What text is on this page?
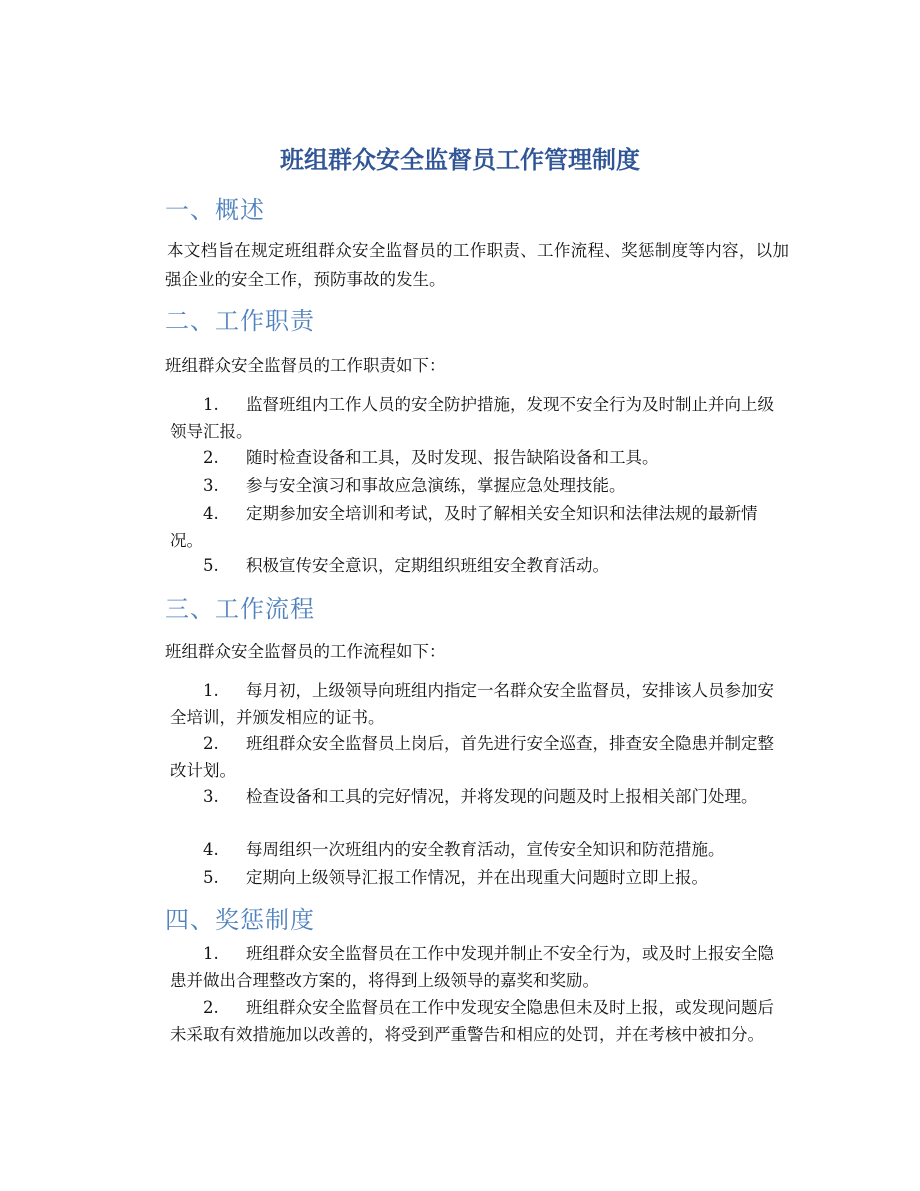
班组群众安全监督员工作管理制度
一、概述
本文档旨在规定班组群众安全监督员的工作职责、工作流程、奖惩制度等内容，以加强企业的安全工作，预防事故的发生。
二、工作职责
班组群众安全监督员的工作职责如下：
1. 监督班组内工作人员的安全防护措施，发现不安全行为及时制止并向上级领导汇报。
2. 随时检查设备和工具，及时发现、报告缺陷设备和工具。
3. 参与安全演习和事故应急演练，掌握应急处理技能。
4. 定期参加安全培训和考试，及时了解相关安全知识和法律法规的最新情况。
5. 积极宣传安全意识，定期组织班组安全教育活动。
三、工作流程
班组群众安全监督员的工作流程如下：
1. 每月初，上级领导向班组内指定一名群众安全监督员，安排该人员参加安全培训，并颁发相应的证书。
2. 班组群众安全监督员上岗后，首先进行安全巡查，排查安全隐患并制定整改计划。
3. 检查设备和工具的完好情况，并将发现的问题及时上报相关部门处理。
4. 每周组织一次班组内的安全教育活动，宣传安全知识和防范措施。
5. 定期向上级领导汇报工作情况，并在出现重大问题时立即上报。
四、奖惩制度
1. 班组群众安全监督员在工作中发现并制止不安全行为，或及时上报安全隐患并做出合理整改方案的，将得到上级领导的嘉奖和奖励。
2. 班组群众安全监督员在工作中发现安全隐患但未及时上报，或发现问题后未采取有效措施加以改善的，将受到严重警告和相应的处罚，并在考核中被扣分。
